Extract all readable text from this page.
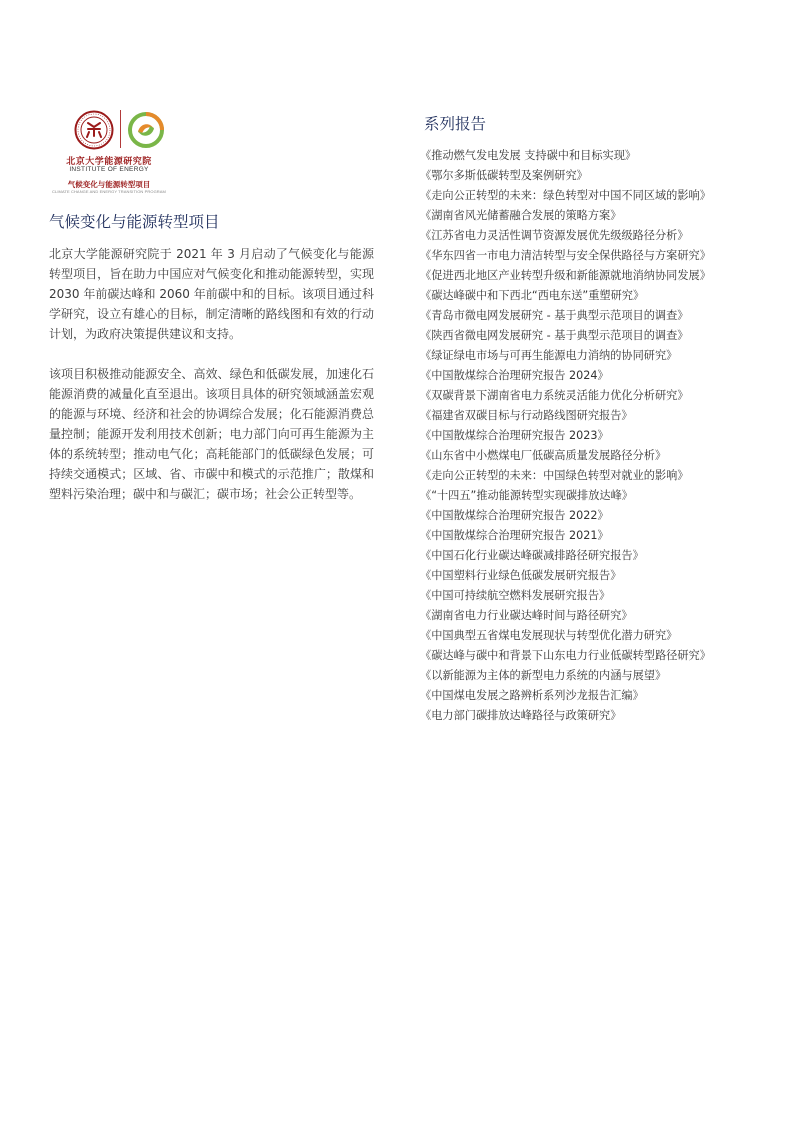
北京大学能源研究院
INSTITUTE OF ENERGY
气候变化与能源转型项目
CLIMATE CHANGE AND ENERGY TRANSITION PROGRAM
气候变化与能源转型项目

北京大学能源研究院于 2021 年 3 月启动了气候变化与能源转型项目，旨在助力中国应对气候变化和推动能源转型，实现 2030 年前碳达峰和 2060 年前碳中和的目标。该项目通过科学研究，设立有雄心的目标，制定清晰的路线图和有效的行动计划，为政府决策提供建议和支持。

该项目积极推动能源安全、高效、绿色和低碳发展，加速化石能源消费的减量化直至退出。该项目具体的研究领域涵盖宏观的能源与环境、经济和社会的协调综合发展；化石能源消费总量控制；能源开发利用技术创新；电力部门向可再生能源为主体的系统转型；推动电气化；高耗能部门的低碳绿色发展；可持续交通模式；区域、省、市碳中和模式的示范推广；散煤和塑料污染治理；碳中和与碳汇；碳市场；社会公正转型等。

系列报告
《推动燃气发电发展 支持碳中和目标实现》
《鄂尔多斯低碳转型及案例研究》
《走向公正转型的未来：绿色转型对中国不同区域的影响》
《湖南省风光储蓄融合发展的策略方案》
《江苏省电力灵活性调节资源发展优先级级路径分析》
《华东四省一市电力清洁转型与安全保供路径与方案研究》
《促进西北地区产业转型升级和新能源就地消纳协同发展》
《碳达峰碳中和下西北“西电东送”重塑研究》
《青岛市微电网发展研究 - 基于典型示范项目的调查》
《陕西省微电网发展研究 - 基于典型示范项目的调查》
《绿证绿电市场与可再生能源电力消纳的协同研究》
《中国散煤综合治理研究报告 2024》
《双碳背景下湖南省电力系统灵活能力优化分析研究》
《福建省双碳目标与行动路线图研究报告》
《中国散煤综合治理研究报告 2023》
《山东省中小燃煤电厂低碳高质量发展路径分析》
《走向公正转型的未来：中国绿色转型对就业的影响》
《“十四五”推动能源转型实现碳排放达峰》
《中国散煤综合治理研究报告 2022》
《中国散煤综合治理研究报告 2021》
《中国石化行业碳达峰碳减排路径研究报告》
《中国塑料行业绿色低碳发展研究报告》
《中国可持续航空燃料发展研究报告》
《湖南省电力行业碳达峰时间与路径研究》
《中国典型五省煤电发展现状与转型优化潜力研究》
《碳达峰与碳中和背景下山东电力行业低碳转型路径研究》
《以新能源为主体的新型电力系统的内涵与展望》
《中国煤电发展之路辨析系列沙龙报告汇编》
《电力部门碳排放达峰路径与政策研究》
